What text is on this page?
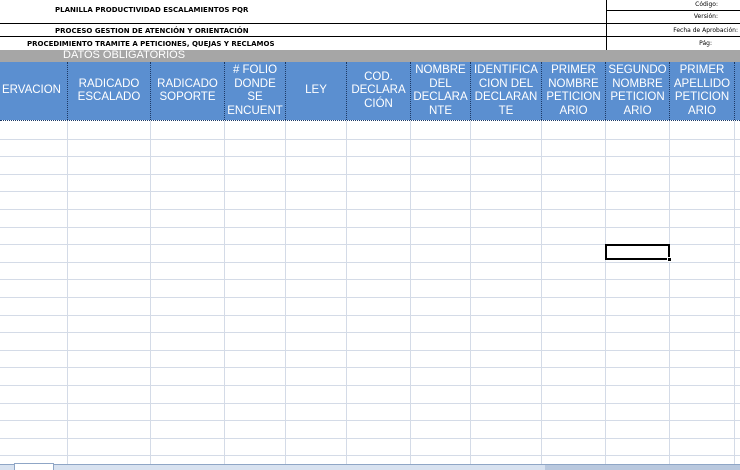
PLANILLA PRODUCTIVIDAD ESCALAMIENTOS PQR
PROCESO GESTION DE ATENCIÓN Y ORIENTACIÓN
PROCEDIMIENTO TRAMITE A PETICIONES, QUEJAS Y RECLAMOS
Código:
Versión:
Fecha de Aprobación:
Pág:
DATOS OBLIGATORIOS
ERVACION
RADICADO
ESCALADO
RADICADO
SOPORTE
# FOLIO
DONDE
SE
ENCUENT
LEY
COD.
DECLARA
CIÓN
NOMBRE
DEL
DECLARA
NTE
IDENTIFICA
CION DEL
DECLARAN
TE
PRIMER
NOMBRE
PETICION
ARIO
SEGUNDO
NOMBRE
PETICION
ARIO
PRIMER
APELLIDO
PETICION
ARIO
